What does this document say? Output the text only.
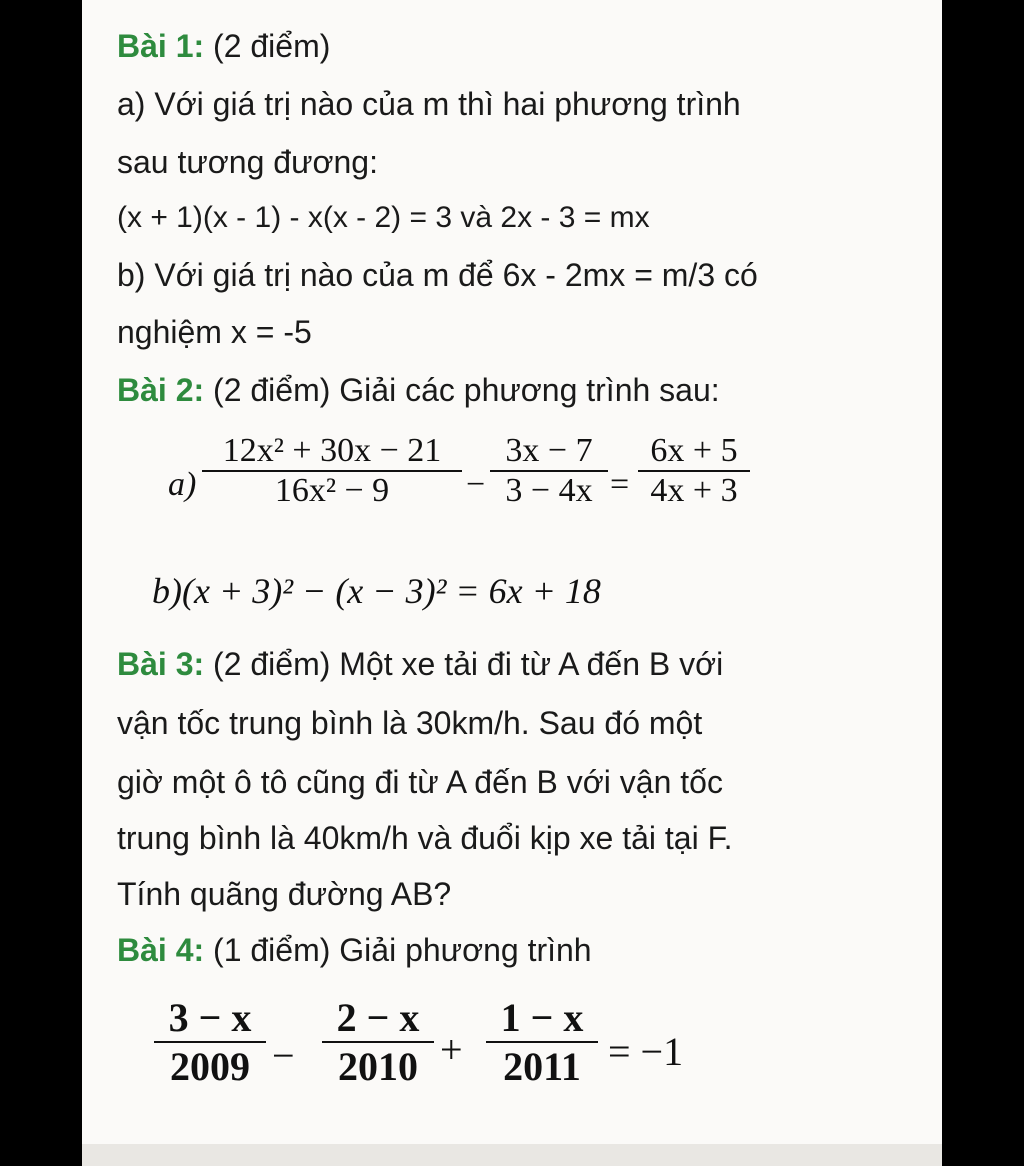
Bài 1: (2 điểm)
a) Với giá trị nào của m thì hai phương trình
sau tương đương:
(x + 1)(x - 1) - x(x - 2) = 3 và 2x - 3 = mx
b) Với giá trị nào của m để 6x - 2mx = m/3 có
nghiệm x = -5
Bài 2: (2 điểm) Giải các phương trình sau:
a)
12x² + 30x − 21
16x² − 9	−
3x − 7
3 − 4x =
6x + 5
4x + 3
b)(x + 3)² − (x − 3)² = 6x + 18
Bài 3: (2 điểm) Một xe tải đi từ A đến B với
vận tốc trung bình là 30km/h. Sau đó một
giờ một ô tô cũng đi từ A đến B với vận tốc
trung bình là 40km/h và đuổi kịp xe tải tại F.
Tính quãng đường AB?
Bài 4: (1 điểm) Giải phương trình
3 − x
2009 −
2 − x
2010 +
1 − x
2011 = −1
